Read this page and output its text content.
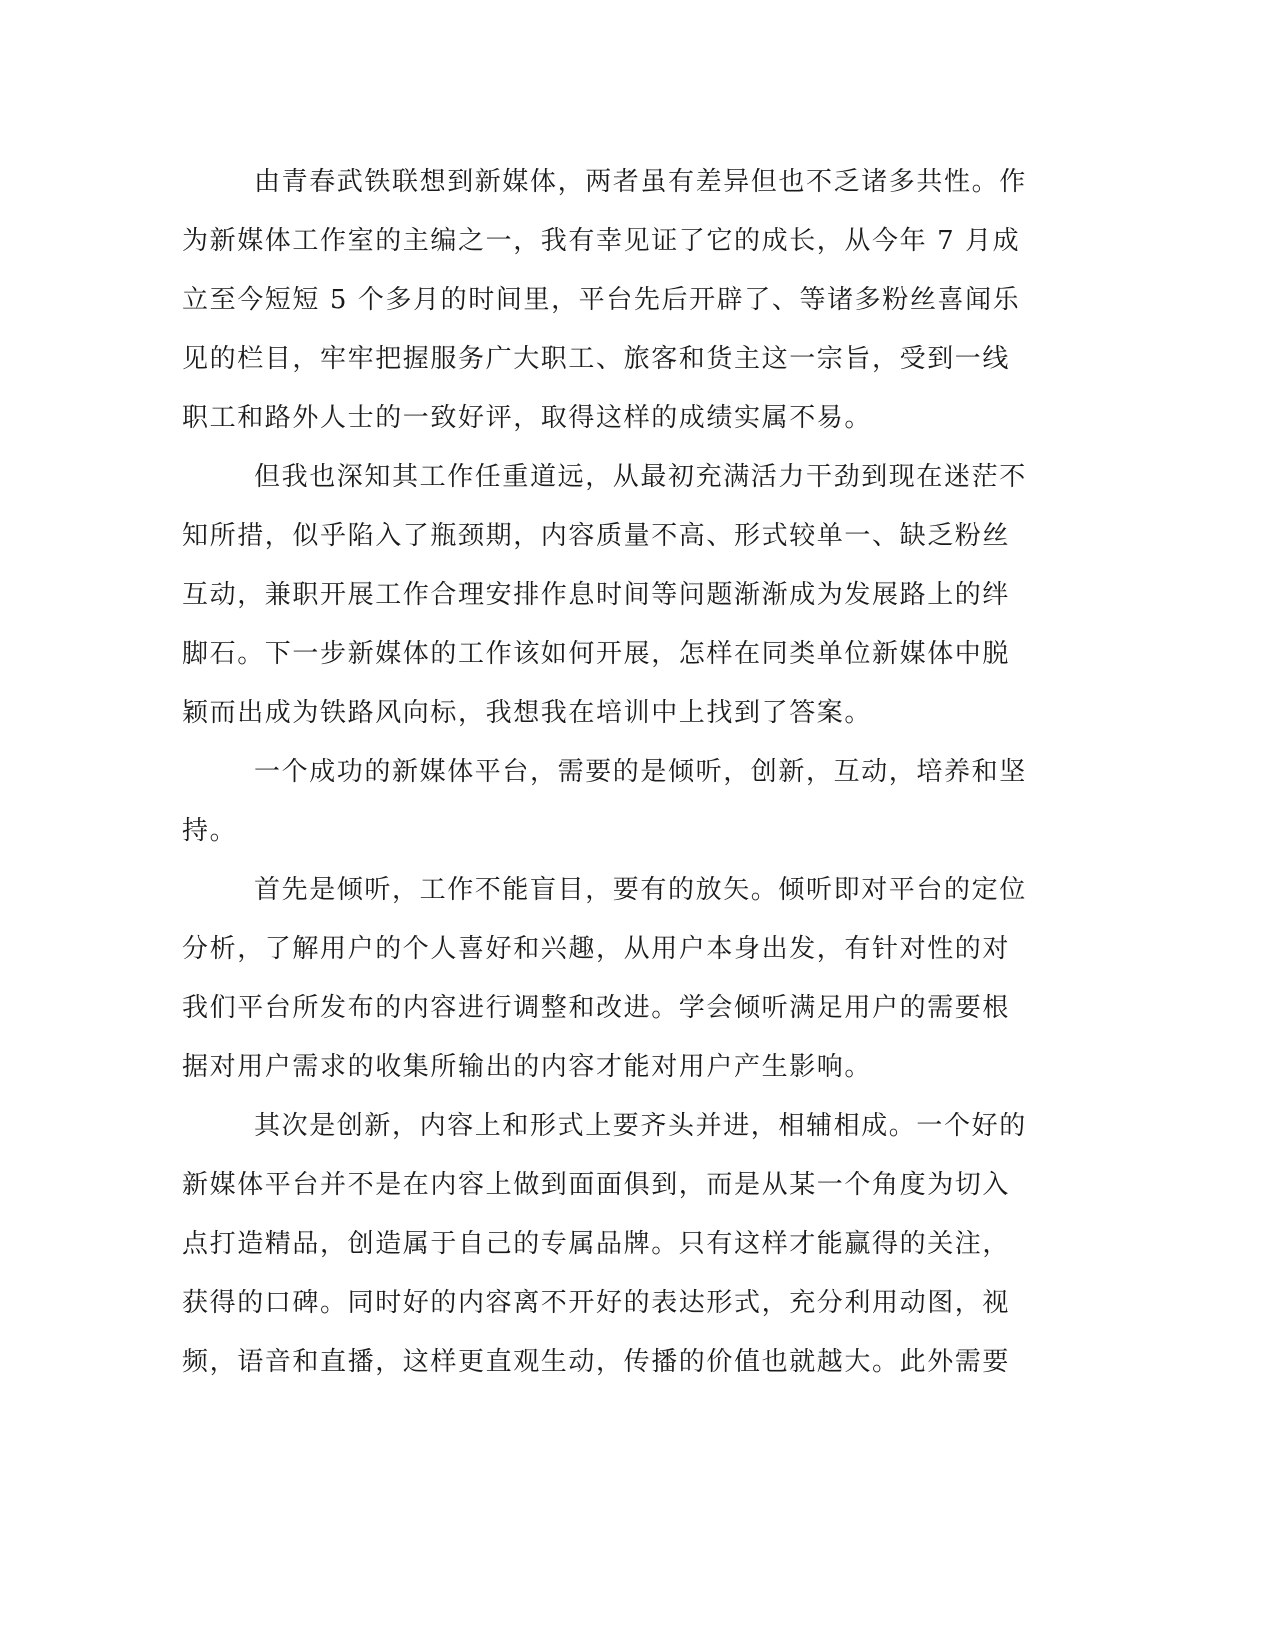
由青春武铁联想到新媒体，两者虽有差异但也不乏诸多共性。作
为新媒体工作室的主编之一，我有幸见证了它的成长，从今年 7 月成
立至今短短 5 个多月的时间里，平台先后开辟了、等诸多粉丝喜闻乐
见的栏目，牢牢把握服务广大职工、旅客和货主这一宗旨，受到一线
职工和路外人士的一致好评，取得这样的成绩实属不易。
但我也深知其工作任重道远，从最初充满活力干劲到现在迷茫不
知所措，似乎陷入了瓶颈期，内容质量不高、形式较单一、缺乏粉丝
互动，兼职开展工作合理安排作息时间等问题渐渐成为发展路上的绊
脚石。下一步新媒体的工作该如何开展，怎样在同类单位新媒体中脱
颖而出成为铁路风向标，我想我在培训中上找到了答案。
一个成功的新媒体平台，需要的是倾听，创新，互动，培养和坚
持。
首先是倾听，工作不能盲目，要有的放矢。倾听即对平台的定位
分析，了解用户的个人喜好和兴趣，从用户本身出发，有针对性的对
我们平台所发布的内容进行调整和改进。学会倾听满足用户的需要根
据对用户需求的收集所输出的内容才能对用户产生影响。
其次是创新，内容上和形式上要齐头并进，相辅相成。一个好的
新媒体平台并不是在内容上做到面面俱到，而是从某一个角度为切入
点打造精品，创造属于自己的专属品牌。只有这样才能赢得的关注，
获得的口碑。同时好的内容离不开好的表达形式，充分利用动图，视
频，语音和直播，这样更直观生动，传播的价值也就越大。此外需要
